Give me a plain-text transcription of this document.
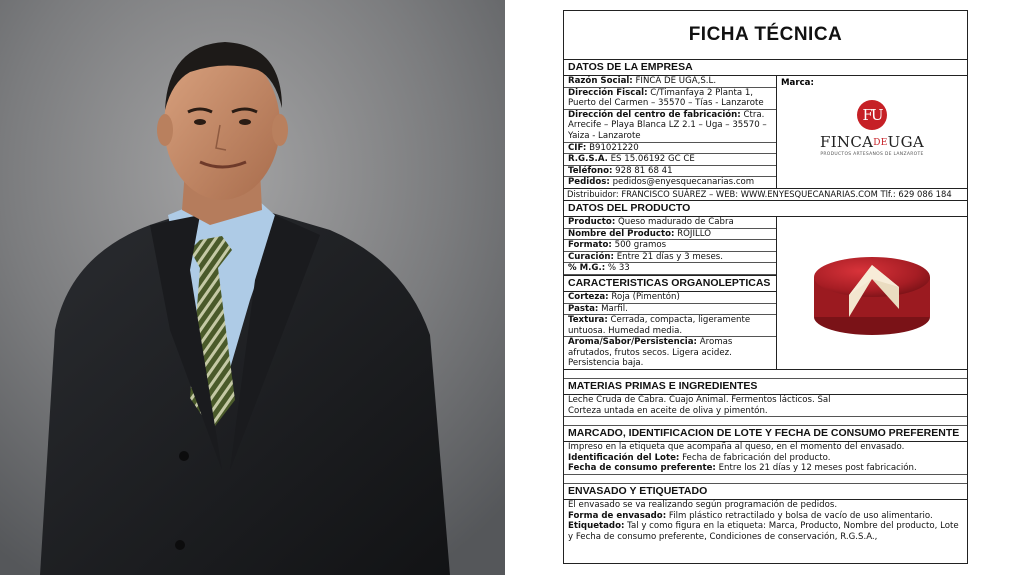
FICHA TÉCNICA
DATOS DE LA EMPRESA
Razón Social: FINCA DE UGA,S.L.
Dirección Fiscal: C/Timanfaya 2 Planta 1, Puerto del Carmen – 35570 – Tías - Lanzarote
Dirección del centro de fabricación: Ctra. Arrecife – Playa Blanca LZ 2.1 – Uga – 35570 – Yaiza - Lanzarote
CIF: B91021220
R.G.S.A. ES 15.06192 GC CE
Teléfono: 928 81 68 41
Pedidos: pedidos@enyesquecanarias.com
Marca:
FU
FINCADEUGA
PRODUCTOS ARTESANOS DE LANZAROTE
Distribuidor: FRANCISCO SUÁREZ – WEB: WWW.ENYESQUECANARIAS.COM Tlf.: 629 086 184
DATOS DEL PRODUCTO
Producto: Queso madurado de Cabra
Nombre del Producto: ROJILLO
Formato: 500 gramos
Curación: Entre 21 días y 3 meses.
% M.G.: % 33
CARACTERISTICAS ORGANOLEPTICAS
Corteza: Roja (Pimentón)
Pasta: Marfil.
Textura: Cerrada, compacta, ligeramente untuosa. Humedad media.
Aroma/Sabor/Persistencia: Aromas afrutados, frutos secos. Ligera acidez. Persistencia baja.
MATERIAS PRIMAS E INGREDIENTES
Leche Cruda de Cabra. Cuajo Animal. Fermentos lácticos. Sal
Corteza untada en aceite de oliva y pimentón.
MARCADO, IDENTIFICACION DE LOTE Y FECHA DE CONSUMO PREFERENTE
Impreso en la etiqueta que acompaña al queso, en el momento del envasado.
Identificación del Lote: Fecha de fabricación del producto.
Fecha de consumo preferente: Entre los 21 días y 12 meses post fabricación.
ENVASADO Y ETIQUETADO
El envasado se va realizando según programación de pedidos.
Forma de envasado: Film plástico retractilado y bolsa de vacío de uso alimentario. Etiquetado: Tal y como figura en la etiqueta: Marca, Producto, Nombre del producto, Lote y Fecha de consumo preferente, Condiciones de conservación, R.G.S.A.,
